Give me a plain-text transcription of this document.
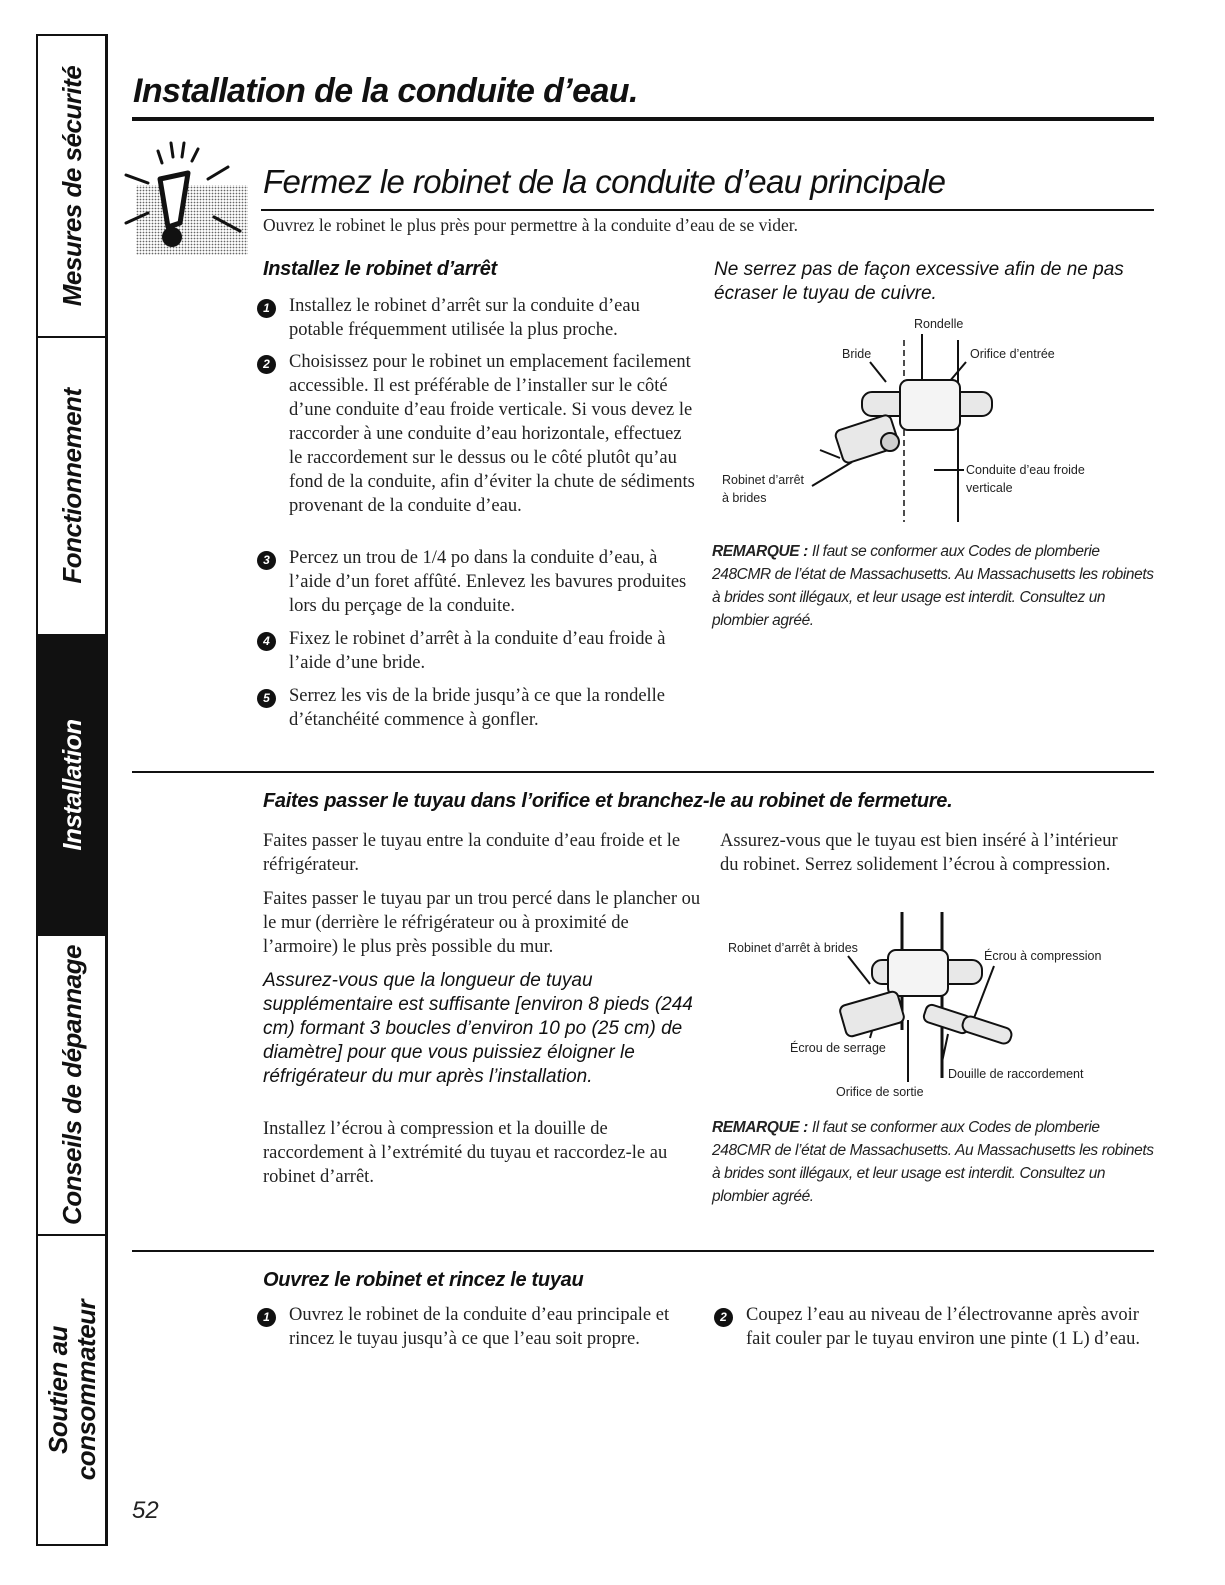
Mesures de sécurité
Fonctionnement
Installation
Conseils de dépannage
Soutien au consommateur
Installation de la conduite d’eau.
Fermez le robinet de la conduite d’eau principale
Ouvrez le robinet le plus près pour permettre à la conduite d’eau de se vider.
Installez le robinet d’arrêt
1	Installez le robinet d’arrêt sur la conduite d’eau potable fréquemment utilisée la plus proche.
2	Choisissez pour le robinet un emplacement facilement accessible. Il est préférable de l’installer sur le côté d’une conduite d’eau froide verticale. Si vous devez le raccorder à une conduite d’eau horizontale, effectuez le raccordement sur le dessus ou le côté plutôt qu’au fond de la conduite, afin d’éviter la chute de sédiments provenant de la conduite d’eau.
3	Percez un trou de 1/4 po dans la conduite d’eau, à l’aide d’un foret affûté. Enlevez les bavures produites lors du perçage de la conduite.
4	Fixez le robinet d’arrêt à la conduite d’eau froide à l’aide d’une bride.
5	Serrez les vis de la bride jusqu’à ce que la rondelle d’étanchéité commence à gonfler.
Ne serrez pas de façon excessive afin de ne pas écraser le tuyau de cuivre.
Rondelle
Bride	Orifice d’entrée
Robinet d’arrêt
à brides
Conduite d’eau froide
verticale
REMARQUE : Il faut se conformer aux Codes de plomberie 248CMR de l’état de Massachusetts. Au Massachusetts les robinets à brides sont illégaux, et leur usage est interdit. Consultez un plombier agréé.
Faites passer le tuyau dans l’orifice et branchez-le au robinet de fermeture.
Faites passer le tuyau entre la conduite d’eau froide et le réfrigérateur.
Faites passer le tuyau par un trou percé dans le plancher ou le mur (derrière le réfrigérateur ou à proximité de l’armoire) le plus près possible du mur.
Assurez-vous que la longueur de tuyau supplémentaire est suffisante [environ 8 pieds (244 cm) formant 3 boucles d’environ 10 po (25 cm) de diamètre] pour que vous puissiez éloigner le réfrigérateur du mur après l’installation.
Installez l’écrou à compression et la douille de raccordement à l’extrémité du tuyau et raccordez-le au robinet d’arrêt.
Assurez-vous que le tuyau est bien inséré à l’intérieur du robinet. Serrez solidement l’écrou à compression.
Robinet d’arrêt à brides
Écrou à compression
Écrou de serrage
Douille de raccordement
Orifice de sortie
REMARQUE : Il faut se conformer aux Codes de plomberie 248CMR de l’état de Massachusetts. Au Massachusetts les robinets à brides sont illégaux, et leur usage est interdit. Consultez un plombier agréé.
Ouvrez le robinet et rincez le tuyau
1	Ouvrez le robinet de la conduite d’eau principale et rincez le tuyau jusqu’à ce que l’eau soit propre.
2	Coupez l’eau au niveau de l’électrovanne après avoir fait couler par le tuyau environ une pinte (1 L) d’eau.
52
